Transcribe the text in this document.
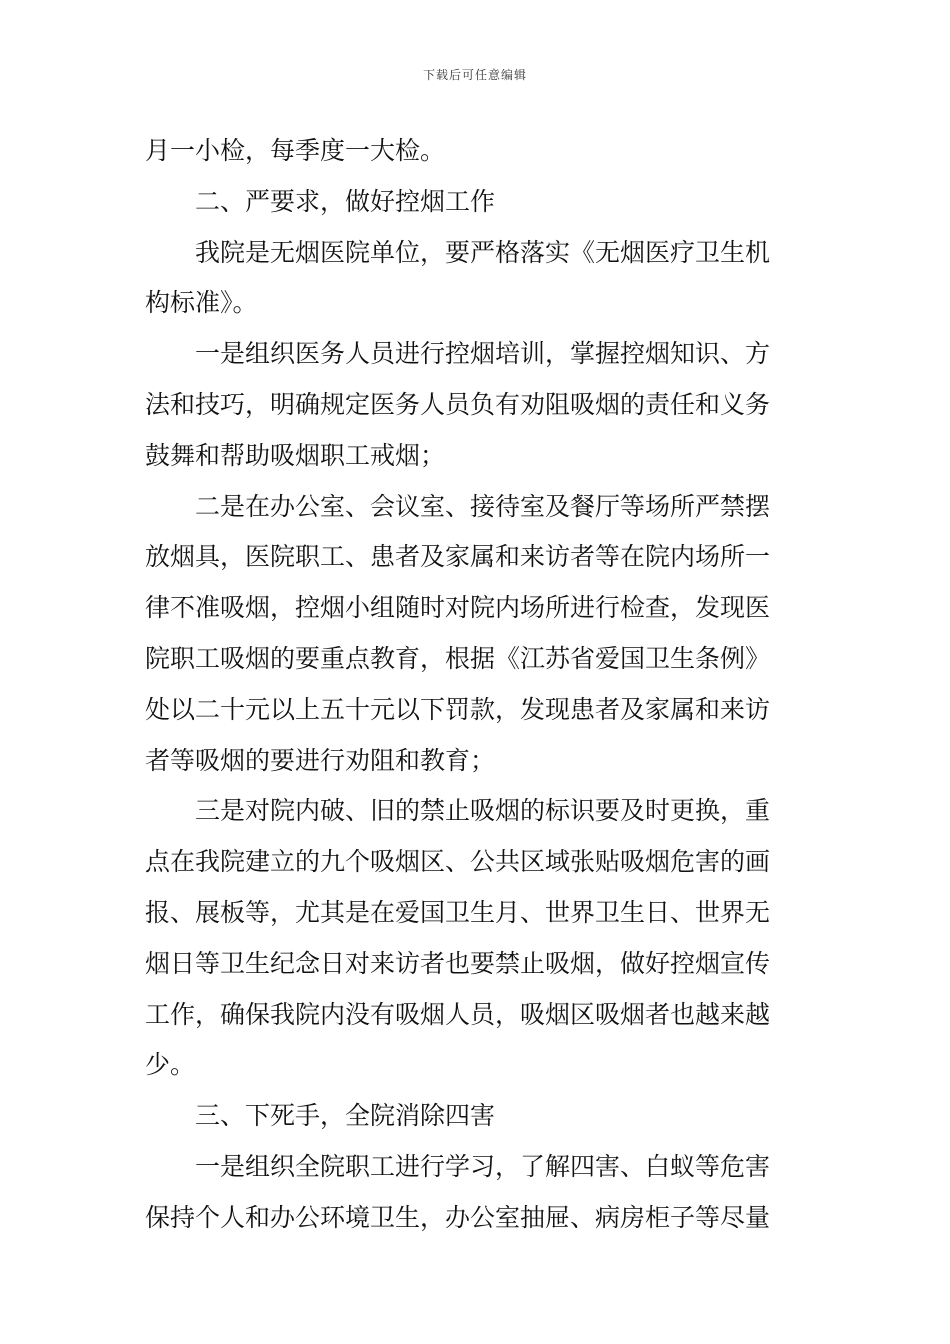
下载后可任意编辑
月一小检，每季度一大检。
二、严要求，做好控烟工作
我院是无烟医院单位，要严格落实《无烟医疗卫生机
构标准》。
一是组织医务人员进行控烟培训，掌握控烟知识、方
法和技巧，明确规定医务人员负有劝阻吸烟的责任和义务
鼓舞和帮助吸烟职工戒烟；
二是在办公室、会议室、接待室及餐厅等场所严禁摆
放烟具，医院职工、患者及家属和来访者等在院内场所一
律不准吸烟，控烟小组随时对院内场所进行检查，发现医
院职工吸烟的要重点教育，根据《江苏省爱国卫生条例》
处以二十元以上五十元以下罚款，发现患者及家属和来访
者等吸烟的要进行劝阻和教育；
三是对院内破、旧的禁止吸烟的标识要及时更换，重
点在我院建立的九个吸烟区、公共区域张贴吸烟危害的画
报、展板等，尤其是在爱国卫生月、世界卫生日、世界无
烟日等卫生纪念日对来访者也要禁止吸烟，做好控烟宣传
工作，确保我院内没有吸烟人员，吸烟区吸烟者也越来越
少。
三、下死手，全院消除四害
一是组织全院职工进行学习，了解四害、白蚁等危害
保持个人和办公环境卫生，办公室抽屉、病房柜子等尽量
